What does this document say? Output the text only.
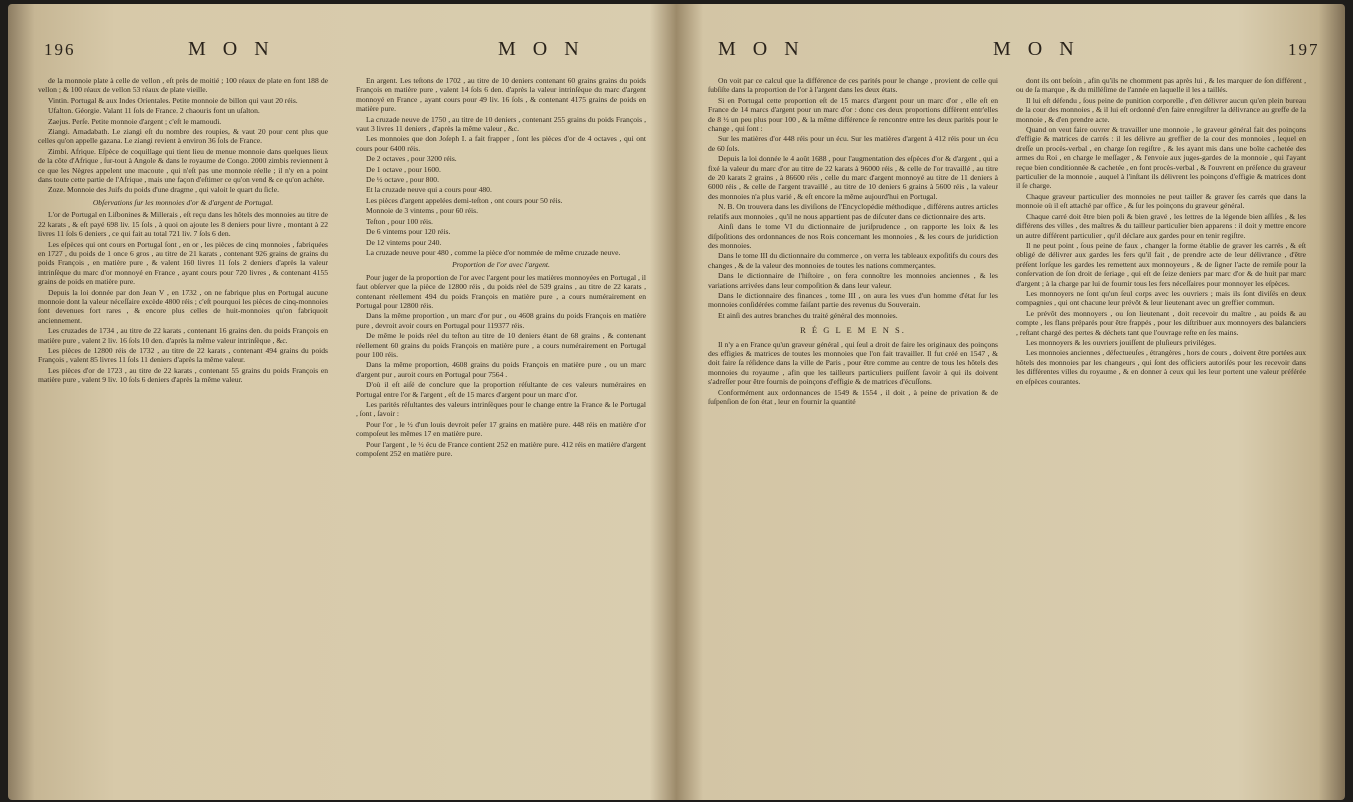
196	M O N	M O N

de la monnoie plate à celle de vellon , eſt près de moitié ; 100 réaux de plate en font 188 de vellon ; & 100 réaux de vellon 53 réaux de plate vieille.

Vintin. Portugal & aux Indes Orientales. Petite monnoie de billon qui vaut 20 réis.

Ufalton. Géorgie. Valant 11 ſols de France. 2 chaouris font un uſalton.

Zaejus. Perſe. Petite monnoie d'argent ; c'eſt le mamoudi.

Ziangi. Amadabath. Le ziangi eſt du nombre des roupies, & vaut 20 pour cent plus que celles qu'on appelle gazana. Le ziangi revient à environ 36 ſols de France.

Zimbi. Afrique. Eſpèce de coquillage qui tient lieu de menue monnoie dans quelques lieux de la côte d'Afrique , ſur-tout à Angole & dans le royaume de Congo. 2000 zimbis reviennent à ce que les Nègres appelent une macoute , qui n'eſt pas une monnoie réelle ; il n'y en a point dans toute cette partie de l'Afrique , mais une façon d'eſtimer ce qu'on vend & ce qu'on achète.

Zoze. Monnoie des Juifs du poids d'une dragme , qui valoit le quart du ſicle.

Obſervations ſur les monnoies d'or & d'argent de Portugal.

L'or de Portugal en Liſbonines & Millerais , eſt reçu dans les hôtels des monnoies au titre de 22 karats , & eſt payé 698 liv. 15 ſols , à quoi on ajoute les 8 deniers pour livre , montant à 22 livres 11 ſols 6 deniers , ce qui fait au total 721 liv. 7 ſols 6 den.

Les eſpèces qui ont cours en Portugal ſont , en or , les pièces de cinq monnoies , fabriquées en 1727 , du poids de 1 once 6 gros , au titre de 21 karats , contenant 926 grains de grains du poids François , en matière pure , & valent 160 livres 11 ſols 2 deniers d'après la valeur intrinſèque du marc d'or monnoyé en France , ayant cours pour 720 livres , & contenant 4155 grains de poids en matière pure.

Depuis la loi donnée par don Jean V , en 1732 , on ne fabrique plus en Portugal aucune monnoie dont la valeur néceſſaire excède 4800 réis ; c'eſt pourquoi les pièces de cinq-monnoies ſont devenues fort rares , & encore plus celles de huit-monnoies qu'on fabriquoit anciennement.

Les cruzades de 1734 , au titre de 22 karats , contenant 16 grains den. du poids François en matière pure , valent 2 liv. 16 ſols 10 den. d'après la même valeur intrinſèque , &c.

Les pièces de 12800 réis de 1732 , au titre de 22 karats , contenant 494 grains du poids François , valent 85 livres 11 ſols 11 deniers d'après la même valeur.

Les pièces d'or de 1723 , au titre de 22 karats , contenant 55 grains du poids François en matière pure , valent 9 liv. 10 ſols 6 deniers d'après la même valeur.

En argent. Les teſtons de 1702 , au titre de 10 deniers contenant 60 grains grains du poids François en matière pure , valent 14 ſols 6 den. d'après la valeur intrinſèque du marc d'argent monnoyé en France , ayant cours pour 49 liv. 16 ſols , & contenant 4175 grains de poids en matière pure.

La cruzade neuve de 1750 , au titre de 10 deniers , contenant 255 grains du poids François , vaut 3 livres 11 deniers , d'après la même valeur , &c.

Les monnoies que don Joſeph I. a fait frapper , ſont les pièces d'or de 4 octaves , qui ont cours pour 6400 réis.

De 2 octaves , pour 3200 réis.

De 1 octave , pour 1600.

De ½ octave , pour 800.

Et la cruzade neuve qui a cours pour 480.

Les pièces d'argent appelées demi-teſton , ont cours pour 50 réis.

Monnoie de 3 vintems , pour 60 réis.

Teſton , pour 100 réis.

De 6 vintems pour 120 réis.

De 12 vintems pour 240.

La cruzade neuve pour 480 , comme la pièce d'or nommée de même cruzade neuve.

Proportion de l'or avec l'argent.

Pour juger de la proportion de l'or avec l'argent pour les matières monnoyées en Portugal , il faut obſerver que la pièce de 12800 réis , du poids réel de 539 grains , au titre de 22 karats , contenant réellement 494 du poids François en matière pure , a cours numérairement en Portugal pour 12800 réis.

Dans la même proportion , un marc d'or pur , ou 4608 grains du poids François en matière pure , devroit avoir cours en Portugal pour 119377 réis.

De même le poids réel du teſton au titre de 10 deniers étant de 68 grains , & contenant réellement 60 grains du poids François en matière pure , a cours numérairement en Portugal pour 100 réis.

Dans la même proportion, 4608 grains du poids François en matière pure , ou un marc d'argent pur , auroit cours en Portugal pour 7564 .

D'où il eſt aiſé de conclure que la proportion réſultante de ces valeurs numéraires en Portugal entre l'or & l'argent , eſt de 15 marcs d'argent pour un marc d'or.

Les parités réſultantes des valeurs intrinſèques pour le change entre la France & le Portugal , ſont , ſavoir :

Pour l'or , le ½ d'un louis devroit peſer 17 grains en matière pure. 448 réis en matière d'or compoſeut les mêmes 17 en matière pure.

Pour l'argent , le ½ écu de France contient 252 en matière pure. 412 réis en matière d'argent compoſent 252 en matière pure.

M O N	M O N	197

On voit par ce calcul que la différence de ces parités pour le change , provient de celle qui ſubſiſte dans la proportion de l'or à l'argent dans les deux états.

Si en Portugal cette proportion eſt de 15 marcs d'argent pour un marc d'or , elle eſt en France de 14 marcs d'argent pour un marc d'or : donc ces deux proportions diffèrent entr'elles de 8 ½ un peu plus pour 100 , & la même différence ſe rencontre entre les deux parités pour le change , qui ſont :

Sur les matières d'or 448 réis pour un écu. Sur les matières d'argent à 412 réis pour un écu de 60 ſols.

Depuis la loi donnée le 4 août 1688 , pour l'augmentation des eſpèces d'or & d'argent , qui a fixé la valeur du marc d'or au titre de 22 karats à 96000 réis , & celle de l'or travaillé , au titre de 20 karats 2 grains , à 86600 réis , celle du marc d'argent monnoyé au titre de 11 deniers à 6000 réis , & celle de l'argent travaillé , au titre de 10 deniers 6 grains à 5600 réis , la valeur des monnoies n'a plus varié , & eſt encore la même aujourd'hui en Portugal.

N. B. On trouvera dans les diviſions de l'Encyclopédie méthodique , différens autres articles relatifs aux monnoies , qu'il ne nous appartient pas de diſcuter dans ce dictionnaire des arts.

Ainſi dans le tome VI du dictionnaire de juriſprudence , on rapporte les loix & les diſpoſitions des ordonnances de nos Rois concernant les monnoies , & les cours de juridiction des monnoies.

Dans le tome III du dictionnaire du commerce , on verra les tableaux expoſitifs du cours des changes , & de la valeur des monnoies de toutes les nations commerçantes.

Dans le dictionnaire de l'hiſtoire , on fera connoître les monnoies anciennes , & les variations arrivées dans leur compoſition & dans leur valeur.

Dans le dictionnaire des finances , tome III , on aura les vues d'un homme d'état ſur les monnoies conſidérées comme faiſant partie des revenus du Souverain.

Et ainſi des autres branches du traité général des monnoies.

R É G L E M E N S.

Il n'y a en France qu'un graveur général , qui ſeul a droit de faire les originaux des poinçons des effigies & matrices de toutes les monnoies que l'on fait travailler. Il fut créé en 1547 , & doit faire ſa réſidence dans la ville de Paris , pour être comme au centre de tous les hôtels des monnoies du royaume , afin que les tailleurs particuliers puiſſent ſavoir à qui ils doivent s'adreſſer pour être fournis de poinçons d'effigie & de matrices d'écuſſons.

Conformément aux ordonnances de 1549 & 1554 , il doit , à peine de privation & de ſuſpenſion de ſon état , leur en fournir la quantité

dont ils ont beſoin , afin qu'ils ne chomment pas après lui , & les marquer de ſon différent , ou de ſa marque , & du milléſime de l'année en laquelle il les a taillés.

Il lui eſt défendu , ſous peine de punition corporelle , d'en délivrer aucun qu'en plein bureau de la cour des monnoies , & il lui eſt ordonné d'en faire enregiſtrer la délivrance au greffe de la monnoie , & d'en prendre acte.

Quand on veut faire ouvrer & travailler une monnoie , le graveur général fait des poinçons d'effigie & matrices de carrés : il les délivre au greffier de la cour des monnoies , lequel en dreſſe un procès-verbal , en charge ſon regiſtre , & les ayant mis dans une boîte cachetée des armes du Roi , en charge le meſſager , & l'envoie aux juges-gardes de la monnoie , qui l'ayant reçue bien conditionnée & cachetée , en font procès-verbal , & l'ouvrent en préſence du graveur particulier de la monnoie , auquel à l'inſtant ils délivrent les poinçons d'effigie & matrices dont il ſe charge.

Chaque graveur particulier des monnoies ne peut tailler & graver ſes carrés que dans la monnoie où il eſt attaché par office , & ſur les poinçons du graveur général.

Chaque carré doit être bien poli & bien gravé , les lettres de la légende bien aſſiſes , & les différens des villes , des maîtres & du tailleur particulier bien apparens : il doit y mettre encore un autre différent particulier , qu'il déclare aux gardes pour en tenir regiſtre.

Il ne peut point , ſous peine de faux , changer la forme établie de graver les carrés , & eſt obligé de délivrer aux gardes les fers qu'il fait , de prendre acte de leur délivrance , d'être préſent lorſque les gardes les remettent aux monnoyeurs , & de ſigner l'acte de remiſe pour la conſervation de ſon droit de ſeriage , qui eſt de ſeize deniers par marc d'or & de huit par marc d'argent ; à la charge par lui de fournir tous les fers néceſſaires pour monnoyer les eſpèces.

Les monnoyers ne ſont qu'un ſeul corps avec les ouvriers ; mais ils ſont diviſés en deux compagnies , qui ont chacune leur prévôt & leur lieutenant avec un greffier commun.

Le prévôt des monnoyers , ou ſon lieutenant , doit recevoir du maître , au poids & au compte , les flans préparés pour être frappés , pour les diſtribuer aux monnoyers des balanciers , reſtant chargé des pertes & déchets tant que l'ouvrage reſte en ſes mains.

Les monnoyers & les ouvriers jouiſſent de pluſieurs priviléges.

Les monnoies anciennes , défectueuſes , étrangères , hors de cours , doivent être portées aux hôtels des monnoies par les changeurs , qui ſont des officiers autoriſés pour les recevoir dans les différentes villes du royaume , & en donner à ceux qui les leur portent une valeur préférée en eſpèces courantes.
